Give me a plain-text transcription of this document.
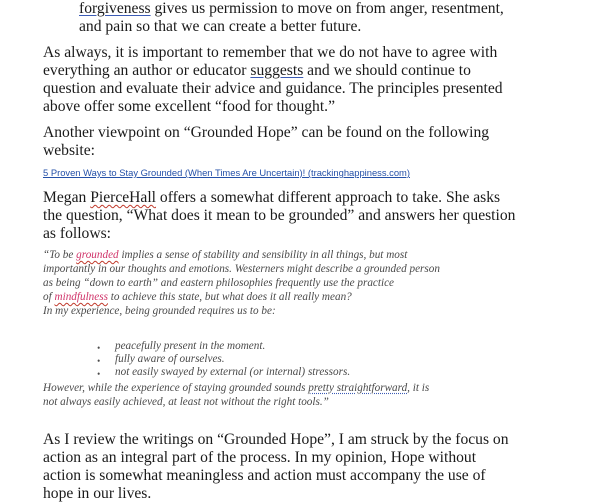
forgiveness gives us permission to move on from anger, resentment,
and pain so that we can create a better future.
As always, it is important to remember that we do not have to agree with
everything an author or educator suggests and we should continue to
question and evaluate their advice and guidance. The principles presented
above offer some excellent “food for thought.”
Another viewpoint on “Grounded Hope” can be found on the following
website:
5 Proven Ways to Stay Grounded (When Times Are Uncertain)! (trackinghappiness.com)
Megan PierceHall offers a somewhat different approach to take. She asks
the question, “What does it mean to be grounded” and answers her question
as follows:
“To be grounded implies a sense of stability and sensibility in all things, but most
importantly in our thoughts and emotions. Westerners might describe a grounded person
as being “down to earth” and eastern philosophies frequently use the practice
of mindfulness to achieve this state, but what does it all really mean?
In my experience, being grounded requires us to be:
• peacefully present in the moment.
• fully aware of ourselves.
• not easily swayed by external (or internal) stressors.
However, while the experience of staying grounded sounds pretty straightforward, it is
not always easily achieved, at least not without the right tools.”
As I review the writings on “Grounded Hope”, I am struck by the focus on
action as an integral part of the process. In my opinion, Hope without
action is somewhat meaningless and action must accompany the use of
hope in our lives.
